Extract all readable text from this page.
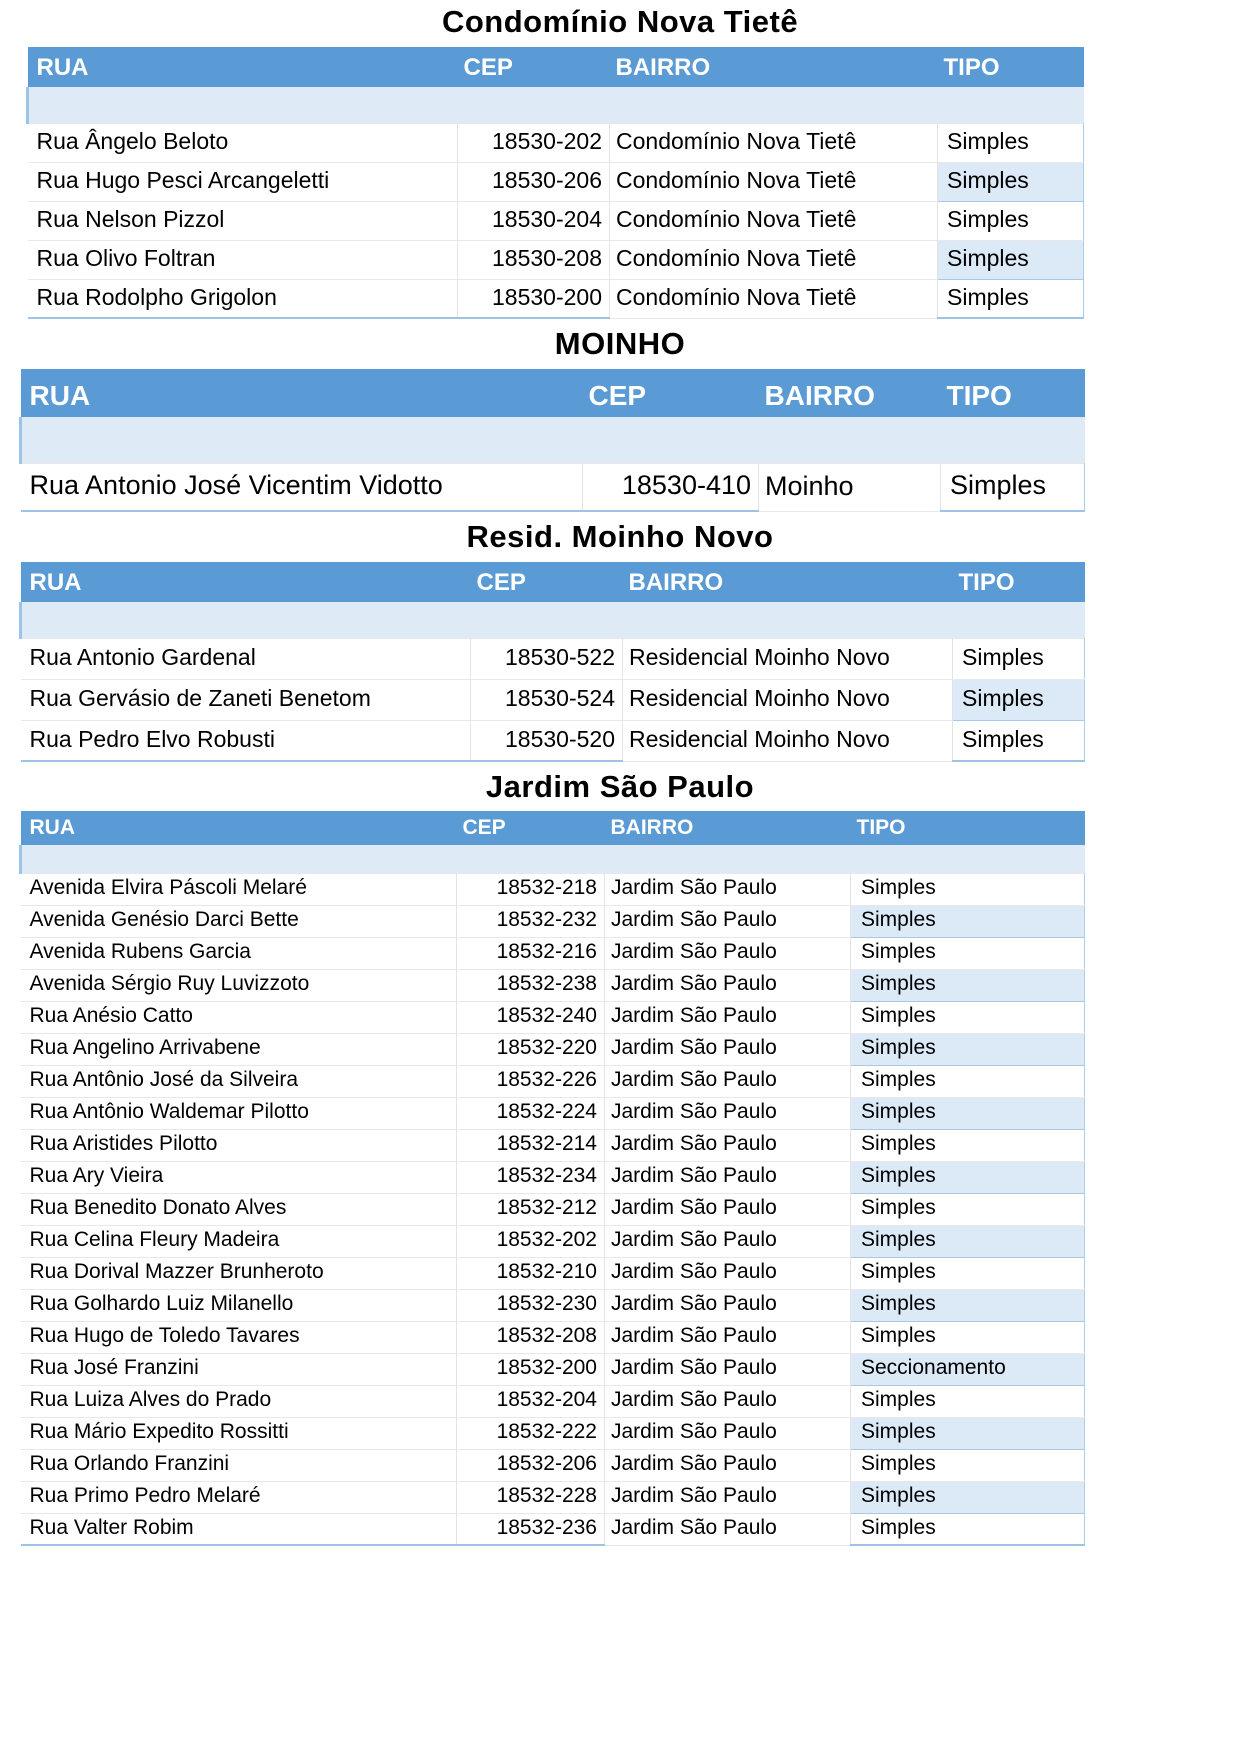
Condomínio Nova Tietê
RUA	CEP	BAIRRO	TIPO

Rua Ângelo Beloto	18530-202	Condomínio Nova Tietê	Simples
Rua Hugo Pesci Arcangeletti	18530-206	Condomínio Nova Tietê	Simples
Rua Nelson Pizzol	18530-204	Condomínio Nova Tietê	Simples
Rua Olivo Foltran	18530-208	Condomínio Nova Tietê	Simples
Rua Rodolpho Grigolon	18530-200	Condomínio Nova Tietê	Simples
MOINHO
RUA	CEP	BAIRRO	TIPO

Rua Antonio José Vicentim Vidotto	18530-410	Moinho	Simples
Resid. Moinho Novo
RUA	CEP	BAIRRO	TIPO

Rua Antonio Gardenal	18530-522	Residencial Moinho Novo	Simples
Rua Gervásio de Zaneti Benetom	18530-524	Residencial Moinho Novo	Simples
Rua Pedro Elvo Robusti	18530-520	Residencial Moinho Novo	Simples
Jardim São Paulo
RUA	CEP	BAIRRO	TIPO

Avenida Elvira Páscoli Melaré	18532-218	Jardim São Paulo	Simples
Avenida Genésio Darci Bette	18532-232	Jardim São Paulo	Simples
Avenida Rubens Garcia	18532-216	Jardim São Paulo	Simples
Avenida Sérgio Ruy Luvizzoto	18532-238	Jardim São Paulo	Simples
Rua Anésio Catto	18532-240	Jardim São Paulo	Simples
Rua Angelino Arrivabene	18532-220	Jardim São Paulo	Simples
Rua Antônio José da Silveira	18532-226	Jardim São Paulo	Simples
Rua Antônio Waldemar Pilotto	18532-224	Jardim São Paulo	Simples
Rua Aristides Pilotto	18532-214	Jardim São Paulo	Simples
Rua Ary Vieira	18532-234	Jardim São Paulo	Simples
Rua Benedito Donato Alves	18532-212	Jardim São Paulo	Simples
Rua Celina Fleury Madeira	18532-202	Jardim São Paulo	Simples
Rua Dorival Mazzer Brunheroto	18532-210	Jardim São Paulo	Simples
Rua Golhardo Luiz Milanello	18532-230	Jardim São Paulo	Simples
Rua Hugo de Toledo Tavares	18532-208	Jardim São Paulo	Simples
Rua José Franzini	18532-200	Jardim São Paulo	Seccionamento
Rua Luiza Alves do Prado	18532-204	Jardim São Paulo	Simples
Rua Mário Expedito Rossitti	18532-222	Jardim São Paulo	Simples
Rua Orlando Franzini	18532-206	Jardim São Paulo	Simples
Rua Primo Pedro Melaré	18532-228	Jardim São Paulo	Simples
Rua Valter Robim	18532-236	Jardim São Paulo	Simples
